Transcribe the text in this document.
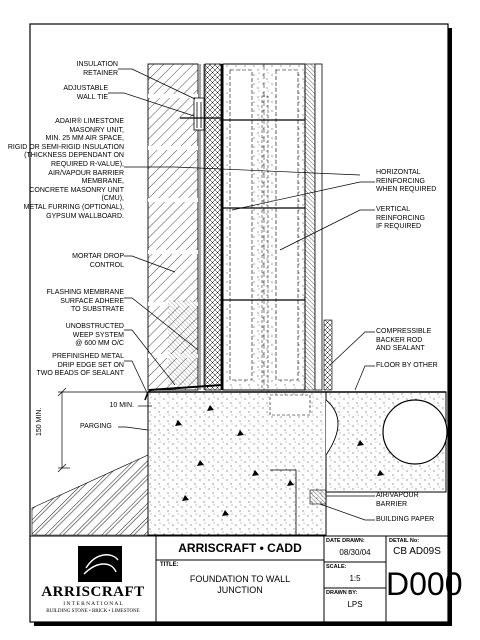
INSULATION
RETAINER
ADJUSTABLE
WALL TIE
ADAIR® LIMESTONE
MASONRY UNIT,
MIN. 25 MM AIR SPACE,
RIGID OR SEMI-RIGID INSULATION
(THICKNESS DEPENDANT ON
REQUIRED R-VALUE),
AIR/VAPOUR BARRIER
MEMBRANE,
CONCRETE MASONRY UNIT (CMU),
METAL FURRING (OPTIONAL),
GYPSUM WALLBOARD.
MORTAR DROP
CONTROL
FLASHING MEMBRANE
SURFACE ADHERE
TO SUBSTRATE
UNOBSTRUCTED
WEEP SYSTEM
@ 600 MM O/C
PREFINISHED METAL
DRIP EDGE SET ON
TWO BEADS OF SEALANT
10 MIN.
PARGING
150 MIN.
HORIZONTAL
REINFORCING
WHEN REQUIRED
VERTICAL REINFORCING
IF REQUIRED
COMPRESSIBLE
BACKER ROD
AND SEALANT
FLOOR BY OTHER
AIR/VAPOUR BARRIER
BUILDING PAPER
ARRISCRAFT
I N T E R N A T I O N A L
BUILDING STONE • BRICK • LIMESTONE
ARRISCRAFT • CADD
TITLE:
FOUNDATION TO WALL
JUNCTION
DATE DRAWN:
08/30/04
SCALE:
1:5
DRAWN BY:
LPS
DETAIL No:
CB AD09S
D000
